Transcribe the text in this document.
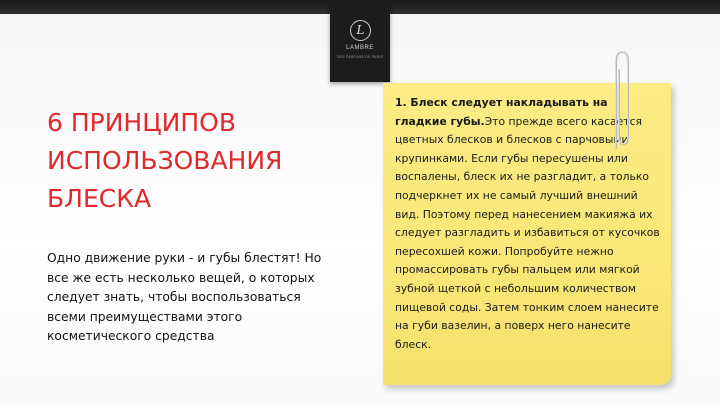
L
LAMBRE
DES PARFUMS DE PARIS
6 ПРИНЦИПОВ
ИСПОЛЬЗОВАНИЯ
БЛЕСКА

Одно движение руки - и губы блестят! Но все же есть несколько вещей, о которых следует знать, чтобы воспользоваться всеми преимуществами этого косметического средства

1. Блеск следует накладывать на гладкие губы.Это прежде всего касается цветных блесков и блесков с парчовыми крупинками. Если губы пересушены или воспалены, блеск их не разгладит, а только подчеркнет их не самый лучший внешний вид. Поэтому перед нанесением макияжа их следует разгладить и избавиться от кусочков пересохшей кожи. Попробуйте нежно промассировать губы пальцем или мягкой зубной щеткой с небольшим количеством пищевой соды. Затем тонким слоем нанесите на губи вазелин, а поверх него нанесите блеск.
